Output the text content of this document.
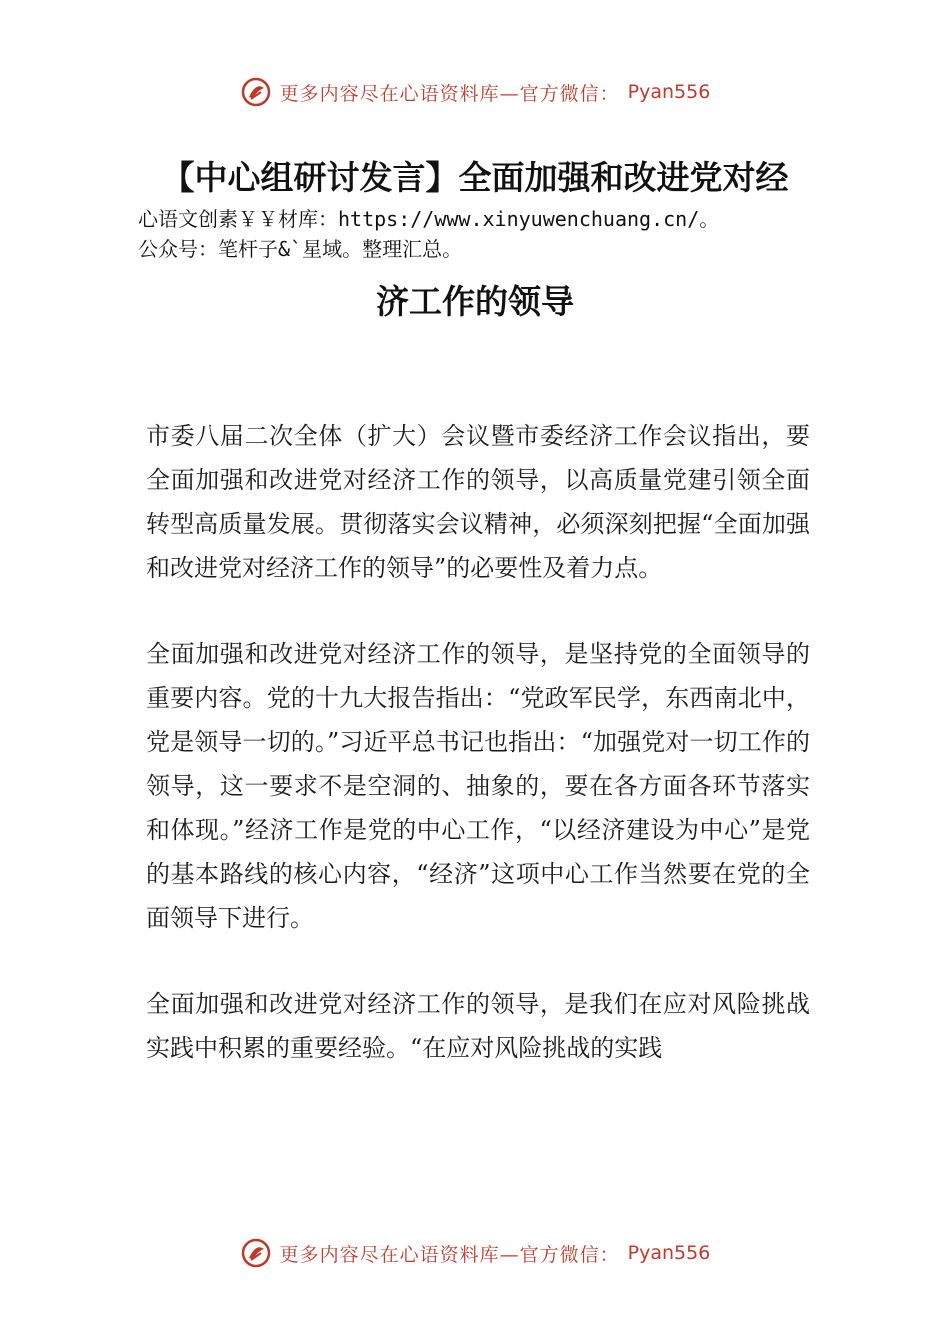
更多内容尽在心语资料库—官方微信： Pyan556
【中心组研讨发言】全面加强和改进党对经
心语文创素￥￥材库：https://www.xinyuwenchuang.cn/。
公众号：笔杆子&`星域。整理汇总。
济工作的领导

市委八届二次全体（扩大）会议暨市委经济工作会议指出，要全面加强和改进党对经济工作的领导，以高质量党建引领全面转型高质量发展。贯彻落实会议精神，必须深刻把握“全面加强和改进党对经济工作的领导”的必要性及着力点。

全面加强和改进党对经济工作的领导，是坚持党的全面领导的重要内容。党的十九大报告指出：“党政军民学，东西南北中，党是领导一切的。”习近平总书记也指出：“加强党对一切工作的领导，这一要求不是空洞的、抽象的，要在各方面各环节落实和体现。”经济工作是党的中心工作，“以经济建设为中心”是党的基本路线的核心内容，“经济”这项中心工作当然要在党的全面领导下进行。

全面加强和改进党对经济工作的领导，是我们在应对风险挑战实践中积累的重要经验。“在应对风险挑战的实践

更多内容尽在心语资料库—官方微信： Pyan556
